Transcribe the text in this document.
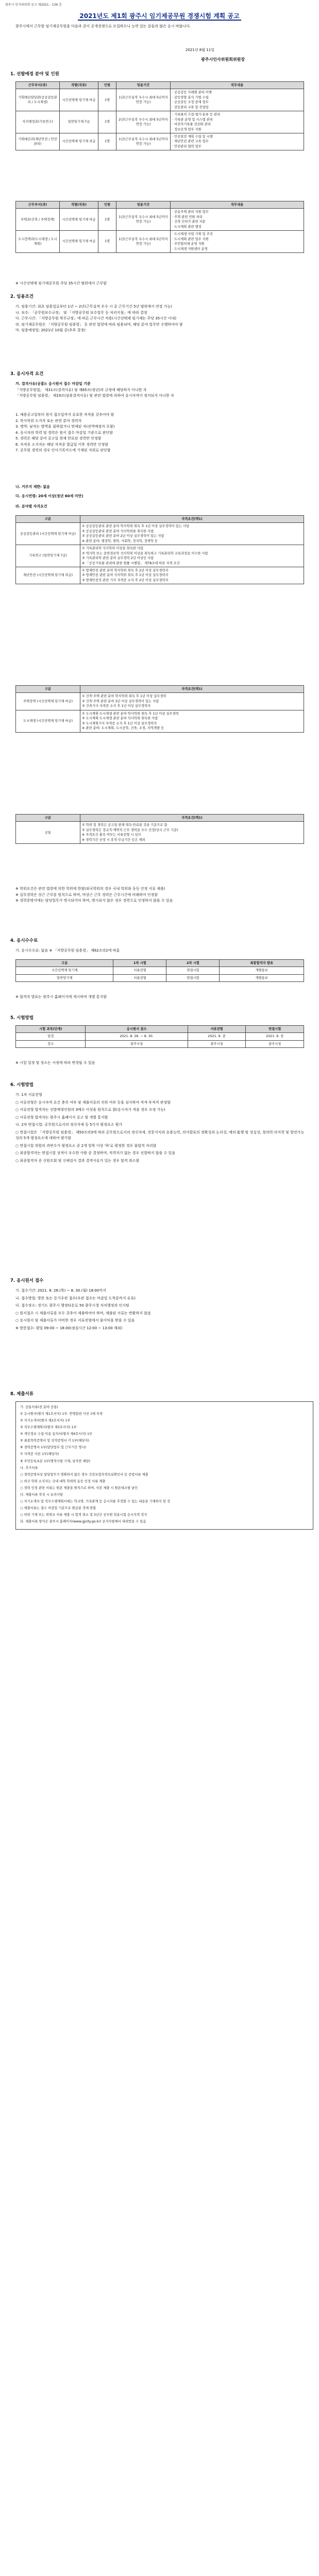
광주시 인사위원회 공고 제2021 - 136 호
2021년도 제1회 광주시 임기제공무원 경쟁시험 계획 공고
광주시에서 근무할 임기제공무원을 다음과 같이 공개경쟁으로 모집하오니 능력 있는 분들의 많은 응시 바랍니다.
2021년 8월 11일
광주시인사위원회위원장
1. 선발예정 분야 및 인원
근무부서(과)	직렬(직류)	인원	임용기간	직무내용
기획예산담당관(공공갈등관리 / 도시재생)	시간선택제 임기제 마급	1명	1년(근무실적 우수시 최대 5년까지 연장 가능)	· 공공갈등 사례별 관리 이행
· 갈등영향 분석 기법 수립
· 공공갈등 조정·중재 업무
· 갈등관리 교육 및 컨설팅
자치행정과(기록연구)	일반임기제 7급	1명	2년(근무실적 우수시 최대 5년까지 연장 가능)	· 기록물의 수집·평가·분류 등 관리
· 기록관 운영 및 시스템 관리
· 비전자기록물 전산화 관리
· 정보공개 업무 지원
기획예산과(재난안전 / 안전관리)	시간선택제 임기제 라급	1명	1년(근무실적 우수시 최대 5년까지 연장 가능)	· 안전점검 계획 수립 및 시행
· 재난안전 관련 교육 업무
· 안전관리 협력 업무
근무부서(과)	직렬(직류)	인원	임용기간	직무내용
주택과(건축 / 주택정책)	시간선택제 임기제 마급	1명	1년(근무실적 우수시 최대 5년까지 연장 가능)	· 공동주택 관리 지원 업무
· 주택 관련 민원 처리
· 건축 인허가 관련 자문
· 도시계획 관련 행정
도시정책과(도시재생 / 도시계획)	시간선택제 임기제 마급	1명	1년(근무실적 우수시 최대 5년까지 연장 가능)	· 도시재생 사업 기획 및 추진
· 도시계획 관련 업무 지원
· 주민협의체 운영 지원
· 도시재생 지원센터 운영
※ 시간선택제 임기제공무원 주당 35시간 범위에서 근무함
2. 임용조건
가. 임용기간: 최초 임용일로부터 1년 ~ 2년(근무실적 우수 시 총 근무기간 5년 범위에서 연장 가능)
나. 보수: 「공무원보수규정」 및 「지방공무원 보수업무 등 처리지침」에 따라 결정
다. 근무시간: 「지방공무원 복무규정」에 따른 근무시간 적용(시간선택제 임기제는 주당 35시간 이내)
라. 임기제공무원은 「지방공무원 임용령」 등 관련 법령에 따라 임용되며, 해당 분야 업무만 수행하여야 함
마. 임용예정일: 2021년 10월 중(추후 결정)
3. 응시자격 요건
가. 결격사유(공통): 응시원서 접수 마감일 기준
「지방공무원법」 제31조(결격사유) 및 제65조(정년)의 규정에 해당하지 아니한 자
「지방공무원 임용령」 제19조(임용결격사유) 및 관련 법령에 의하여 응시자격이 정지되지 아니한 자
1. 채용공고일부터 원서 접수일까지 유효한 자격을 갖추어야 함
2. 학사학위 소지자 또는 관련 분야 경력자
3. 병역: 남자는 병역을 필하였거나 면제된 자(전역예정자 포함)
4. 응시자의 학력 및 경력은 원서 접수 마감일 기준으로 판단함
5. 경력은 해당 분야 공고일 현재 만료된 경력만 인정함
6. 자격증 소지자는 해당 자격증 발급일 이후 경력만 인정함
7. 공무원 경력의 경우 인사기록카드에 기재된 직위로 판단함
나. 거주지 제한: 없음
다. 응시연령: 20세 이상(정년 60세 미만)
라. 분야별 자격요건
구분	자격요건(택1)
공공갈등관리 (시간선택제 임기제 마급)	① 공공갈등관리 관련 분야 학사학위 취득 후 1년 이상 실무경력이 있는 사람
② 공공갈등관리 관련 분야 석사학위를 취득한 사람
③ 공공갈등관리 관련 분야 2년 이상 실무경력이 있는 사람
※ 관련 분야: 행정학, 법학, 사회학, 정치학, 정책학 등
기록연구 (일반임기제 7급)	① 기록관리학 석사학위 이상을 취득한 사람
② 역사학 또는 문헌정보학 석사학위 이상을 취득하고 기록관리학 교육과정을 이수한 사람
③ 기록관리학 관련 분야 실무경력 2년 이상인 사람
※ 「공공기록물 관리에 관한 법률 시행령」 제78조에 따른 자격 요건
재난안전 (시간선택제 임기제 라급)	① 방재안전 관련 분야 학사학위 취득 후 2년 이상 실무경력자
② 방재안전 관련 분야 석사학위 취득 후 1년 이상 실무경력자
③ 방재안전직 관련 기사 자격증 소지 후 2년 이상 실무경력자
구분	자격요건(택1)
주택정책 (시간선택제 임기제 마급)	① 건축·주택 관련 분야 학사학위 취득 후 1년 이상 실무경력
② 건축·주택 관련 분야 3년 이상 실무경력이 있는 사람
③ 건축기사 자격증 소지 후 1년 이상 실무경력자
도시재생 (시간선택제 임기제 마급)	① 도시계획·도시재생 관련 분야 학사학위 취득 후 1년 이상 실무경력
② 도시계획·도시재생 관련 분야 석사학위 취득한 사람
③ 도시계획기사 자격증 소지 후 1년 이상 실무경력자
※ 관련 분야: 도시계획, 도시공학, 건축, 조경, 지역개발 등
구분	자격요건(택1)
공통	① 학위 및 경력은 공고일 현재 취득·만료된 것을 기준으로 함
② 실무경력은 정규직·계약직 근무 경력을 모두 인정(상시 근무 기준)
※ 자격요건 충족 여부는 서류전형 시 심사
※ 경력기간 산정 시 휴직·무급기간 등은 제외
※ 학위요건은 관련 법령에 의한 학위에 한함(외국학위의 경우 국내 학위와 동등 인정 서류 제출)
※ 실무경력은 상근 근무를 원칙으로 하며, 비상근 근무 경력은 근무시간에 비례하여 인정함
※ 경력증명서에는 담당업무가 명시되어야 하며, 명시되지 않은 경우 경력으로 인정하지 않을 수 있음
4. 응시수수료
가. 응시수수료: 없음 ※ 「지방공무원 임용령」 제62조의2에 따름
구분	1차 시험	2차 시험	최종합격자 발표
시간선택제 임기제	서류전형	면접시험	개별통보
일반임기제	서류전형	면접시험	개별통보
※ 합격자 발표는 광주시 홈페이지에 게시하며 개별 통지함
5. 시험방법
시험 과목(단계)	응시원서 접수	서류전형	면접시험
일정	2021. 8. 26. ~ 8. 30.	2021. 9. 중	2021. 9. 중
장소	광주시청	광주시청	광주시청
※ 시험 일정 및 장소는 사정에 따라 변경될 수 있음
6. 시험방법
가. 1차 서류전형
○ 서류전형은 응시자격 요건 충족 여부 및 제출서류의 진위 여부 등을 심사하여 적격·부적격 판정함
○ 서류전형 합격자는 선발예정인원의 3배수 이상을 원칙으로 함(응시자가 적을 경우 조정 가능)
○ 서류전형 합격자는 광주시 홈페이지 공고 및 개별 통지함
나. 2차 면접시험: 공무원으로서의 정신자세 등 5가지 평정요소 평가
○ 면접시험은 「지방공무원 임용령」 제50조의3에 따라 공무원으로서의 정신자세, 전문지식과 응용능력, 의사발표의 정확성과 논리성, 예의·품행 및 성실성, 창의력·의지력 및 발전가능성의 5개 평정요소에 대하여 평가함
○ 면접시험 위원의 과반수가 평정요소 중 2개 항목 이상 '하'로 평정한 경우 불합격 처리함
○ 최종합격자는 면접시험 성적이 우수한 사람 중 결정하며, 적격자가 없는 경우 선발하지 않을 수 있음
○ 최종합격자 중 신원조회 및 신체검사 결과 결격사유가 있는 경우 합격 취소함
7. 응시원서 접수
가. 접수기간: 2021. 8. 26.(목) ~ 8. 30.(월) 18:00까지
나. 접수방법: 방문 또는 등기우편 접수(우편 접수는 마감일 도착분까지 유효)
다. 접수장소: 경기도 광주시 행정타운로 50 광주시청 자치행정과 인사팀
○ 원서접수 시 제출서류를 모두 갖추어 제출하여야 하며, 제출된 서류는 반환하지 않음
○ 응시원서 및 제출서류가 미비한 경우 서류전형에서 불이익을 받을 수 있음
※ 방문접수: 평일 09:00 ~ 18:00(점심시간 12:00 ~ 13:00 제외)
8. 제출서류
가. 공통서류(전 분야 공통)
① 응시원서(별지 제1호서식) 1부. 반명함판 사진 1매 부착
② 자기소개서(별지 제2호서식) 1부
③ 직무수행계획서(별지 제3호서식) 1부
④ 개인정보 수집·이용 동의서(별지 제4호서식) 1부
⑤ 최종학력증명서 및 성적증명서 각 1부(해당자)
⑥ 경력증명서 1부(담당업무 및 근무기간 명시)
⑦ 자격증 사본 1부(해당자)
⑧ 주민등록초본 1부(병적사항 기재, 남자만 해당)
나. 추가서류
○ 경력증명서상 담당업무가 명확하지 않은 경우 건강보험자격득실확인서 등 증빙서류 제출
○ 외국 학위 소지자는 국내 대학 학위와 동등 인정 서류 제출
○ 경력 인정 관련 서류는 원본 제출을 원칙으로 하며, 사본 제출 시 원본대조필 날인
다. 제출서류 작성 시 유의사항
○ 자기소개서 및 직무수행계획서에는 학교명, 가족관계 등 응시자를 추정할 수 있는 내용을 기재하지 말 것
○ 제출서류는 접수 마감일 기준으로 발급된 것에 한함
○ 허위 기재 또는 위변조 서류 제출 시 합격 취소 및 5년간 공무원 임용시험 응시자격 정지
라. 제출서류 양식은 광주시 홈페이지(www.gjcity.go.kr) 공지사항에서 내려받을 수 있음
